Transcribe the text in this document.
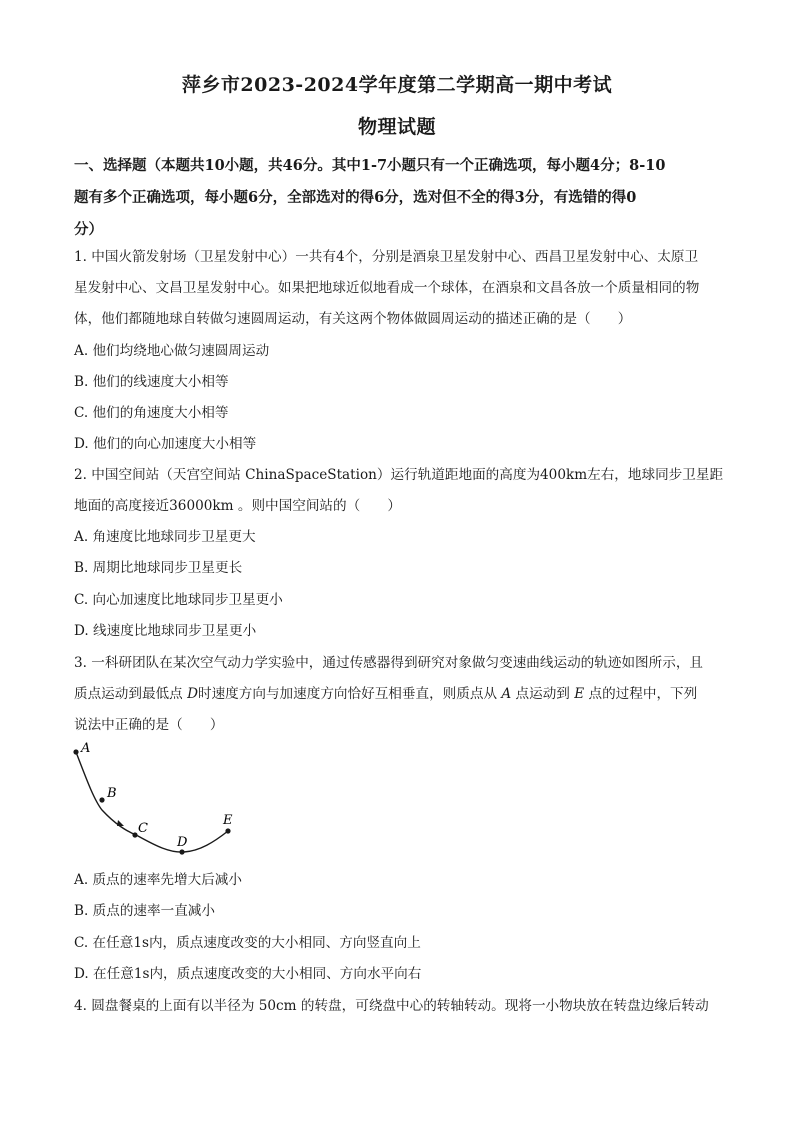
萍乡市2023-2024学年度第二学期高一期中考试
物理试题
一、选择题（本题共10小题，共46分。其中1-7小题只有一个正确选项，每小题4分；8-10
题有多个正确选项，每小题6分，全部选对的得6分，选对但不全的得3分，有选错的得0
分）
1. 中国火箭发射场（卫星发射中心）一共有4个，分别是酒泉卫星发射中心、西昌卫星发射中心、太原卫
星发射中心、文昌卫星发射中心。如果把地球近似地看成一个球体，在酒泉和文昌各放一个质量相同的物
体，他们都随地球自转做匀速圆周运动，有关这两个物体做圆周运动的描述正确的是（　　）
A. 他们均绕地心做匀速圆周运动
B. 他们的线速度大小相等
C. 他们的角速度大小相等
D. 他们的向心加速度大小相等
2. 中国空间站（天宫空间站 ChinaSpaceStation）运行轨道距地面的高度为400km左右，地球同步卫星距
地面的高度接近36000km 。则中国空间站的（　　）
A. 角速度比地球同步卫星更大
B. 周期比地球同步卫星更长
C. 向心加速度比地球同步卫星更小
D. 线速度比地球同步卫星更小
3. 一科研团队在某次空气动力学实验中，通过传感器得到研究对象做匀变速曲线运动的轨迹如图所示，且
质点运动到最低点 D时速度方向与加速度方向恰好互相垂直，则质点从 A 点运动到 E 点的过程中，下列
说法中正确的是（　　）
A
B
C
D
E
A. 质点的速率先增大后减小
B. 质点的速率一直减小
C. 在任意1s内，质点速度改变的大小相同、方向竖直向上
D. 在任意1s内，质点速度改变的大小相同、方向水平向右
4. 圆盘餐桌的上面有以半径为 50cm 的转盘，可绕盘中心的转轴转动。现将一小物块放在转盘边缘后转动
